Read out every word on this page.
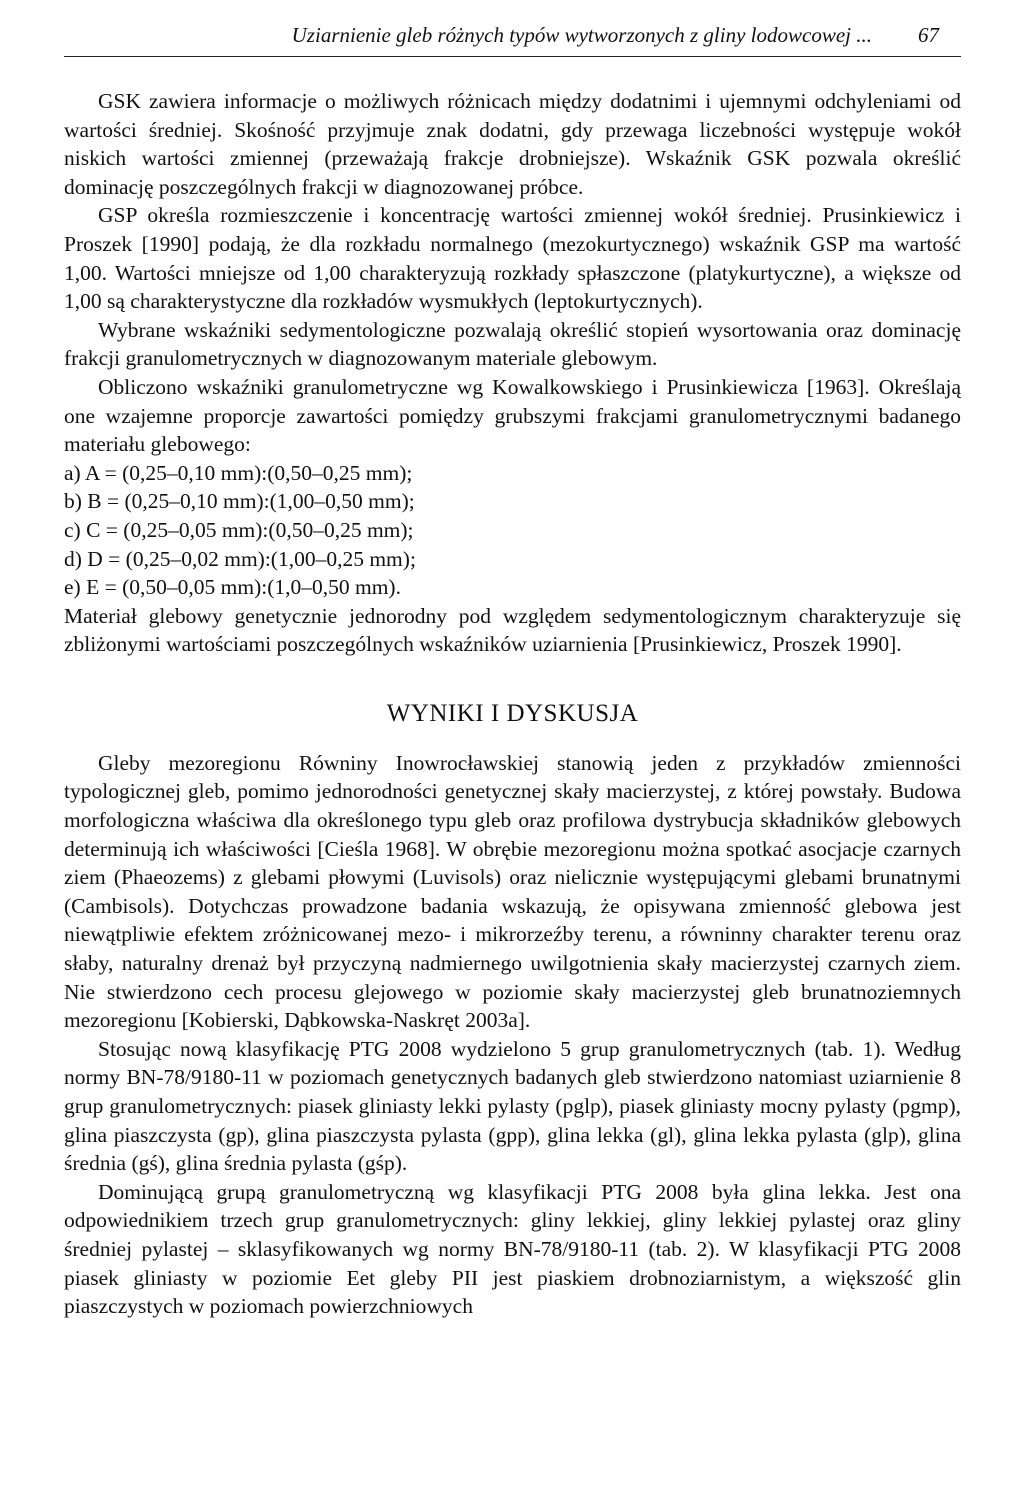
Uziarnienie gleb różnych typów wytworzonych z gliny lodowcowej ... 67

GSK zawiera informacje o możliwych różnicach między dodatnimi i ujemnymi odchyleniami od wartości średniej. Skośność przyjmuje znak dodatni, gdy przewaga liczebności występuje wokół niskich wartości zmiennej (przeważają frakcje drobniejsze). Wskaźnik GSK pozwala określić dominację poszczególnych frakcji w diagnozowanej próbce.

GSP określa rozmieszczenie i koncentrację wartości zmiennej wokół średniej. Prusinkiewicz i Proszek [1990] podają, że dla rozkładu normalnego (mezokurtycznego) wskaźnik GSP ma wartość 1,00. Wartości mniejsze od 1,00 charakteryzują rozkłady spłaszczone (platykurtyczne), a większe od 1,00 są charakterystyczne dla rozkładów wysmukłych (leptokurtycznych).

Wybrane wskaźniki sedymentologiczne pozwalają określić stopień wysortowania oraz dominację frakcji granulometrycznych w diagnozowanym materiale glebowym.

Obliczono wskaźniki granulometryczne wg Kowalkowskiego i Prusinkiewicza [1963]. Określają one wzajemne proporcje zawartości pomiędzy grubszymi frakcjami granulometrycznymi badanego materiału glebowego:

a) A = (0,25–0,10 mm):(0,50–0,25 mm);
b) B = (0,25–0,10 mm):(1,00–0,50 mm);
c) C = (0,25–0,05 mm):(0,50–0,25 mm);
d) D = (0,25–0,02 mm):(1,00–0,25 mm);
e) E = (0,50–0,05 mm):(1,0–0,50 mm).

Materiał glebowy genetycznie jednorodny pod względem sedymentologicznym charakteryzuje się zbliżonymi wartościami poszczególnych wskaźników uziarnienia [Prusinkiewicz, Proszek 1990].

WYNIKI I DYSKUSJA

Gleby mezoregionu Równiny Inowrocławskiej stanowią jeden z przykładów zmienności typologicznej gleb, pomimo jednorodności genetycznej skały macierzystej, z której powstały. Budowa morfologiczna właściwa dla określonego typu gleb oraz profilowa dystrybucja składników glebowych determinują ich właściwości [Cieśla 1968]. W obrębie mezoregionu można spotkać asocjacje czarnych ziem (Phaeozems) z glebami płowymi (Luvisols) oraz nielicznie występującymi glebami brunatnymi (Cambisols). Dotychczas prowadzone badania wskazują, że opisywana zmienność glebowa jest niewątpliwie efektem zróżnicowanej mezo- i mikrorzeźby terenu, a równinny charakter terenu oraz słaby, naturalny drenaż był przyczyną nadmiernego uwilgotnienia skały macierzystej czarnych ziem. Nie stwierdzono cech procesu glejowego w poziomie skały macierzystej gleb brunatnoziemnych mezoregionu [Kobierski, Dąbkowska-Naskręt 2003a].

Stosując nową klasyfikację PTG 2008 wydzielono 5 grup granulometrycznych (tab. 1). Według normy BN-78/9180-11 w poziomach genetycznych badanych gleb stwierdzono natomiast uziarnienie 8 grup granulometrycznych: piasek gliniasty lekki pylasty (pglp), piasek gliniasty mocny pylasty (pgmp), glina piaszczysta (gp), glina piaszczysta pylasta (gpp), glina lekka (gl), glina lekka pylasta (glp), glina średnia (gś), glina średnia pylasta (gśp).

Dominującą grupą granulometryczną wg klasyfikacji PTG 2008 była glina lekka. Jest ona odpowiednikiem trzech grup granulometrycznych: gliny lekkiej, gliny lekkiej pylastej oraz gliny średniej pylastej – sklasyfikowanych wg normy BN-78/9180-11 (tab. 2). W klasyfikacji PTG 2008 piasek gliniasty w poziomie Eet gleby PII jest piaskiem drobnoziarnistym, a większość glin piaszczystych w poziomach powierzchniowych
